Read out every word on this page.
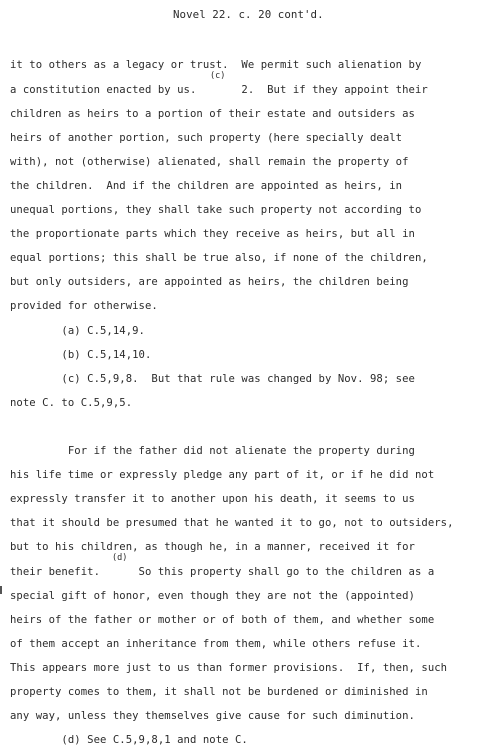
Novel 22. c. 20 cont'd.
it to others as a legacy or trust.  We permit such alienation by
(c)
a constitution enacted by us.       2.  But if they appoint their
children as heirs to a portion of their estate and outsiders as
heirs of another portion, such property (here specially dealt
with), not (otherwise) alienated, shall remain the property of
the children.  And if the children are appointed as heirs, in
unequal portions, they shall take such property not according to
the proportionate parts which they receive as heirs, but all in
equal portions; this shall be true also, if none of the children,
but only outsiders, are appointed as heirs, the children being
provided for otherwise.
(a) C.5,14,9.
(b) C.5,14,10.
(c) C.5,9,8.  But that rule was changed by Nov. 98; see
note C. to C.5,9,5.
For if the father did not alienate the property during
his life time or expressly pledge any part of it, or if he did not
expressly transfer it to another upon his death, it seems to us
that it should be presumed that he wanted it to go, not to outsiders,
but to his children, as though he, in a manner, received it for
(d)
their benefit.      So this property shall go to the children as a
special gift of honor, even though they are not the (appointed)
heirs of the father or mother or of both of them, and whether some
of them accept an inheritance from them, while others refuse it.
This appears more just to us than former provisions.  If, then, such
property comes to them, it shall not be burdened or diminished in
any way, unless they themselves give cause for such diminution.
(d) See C.5,9,8,1 and note C.
